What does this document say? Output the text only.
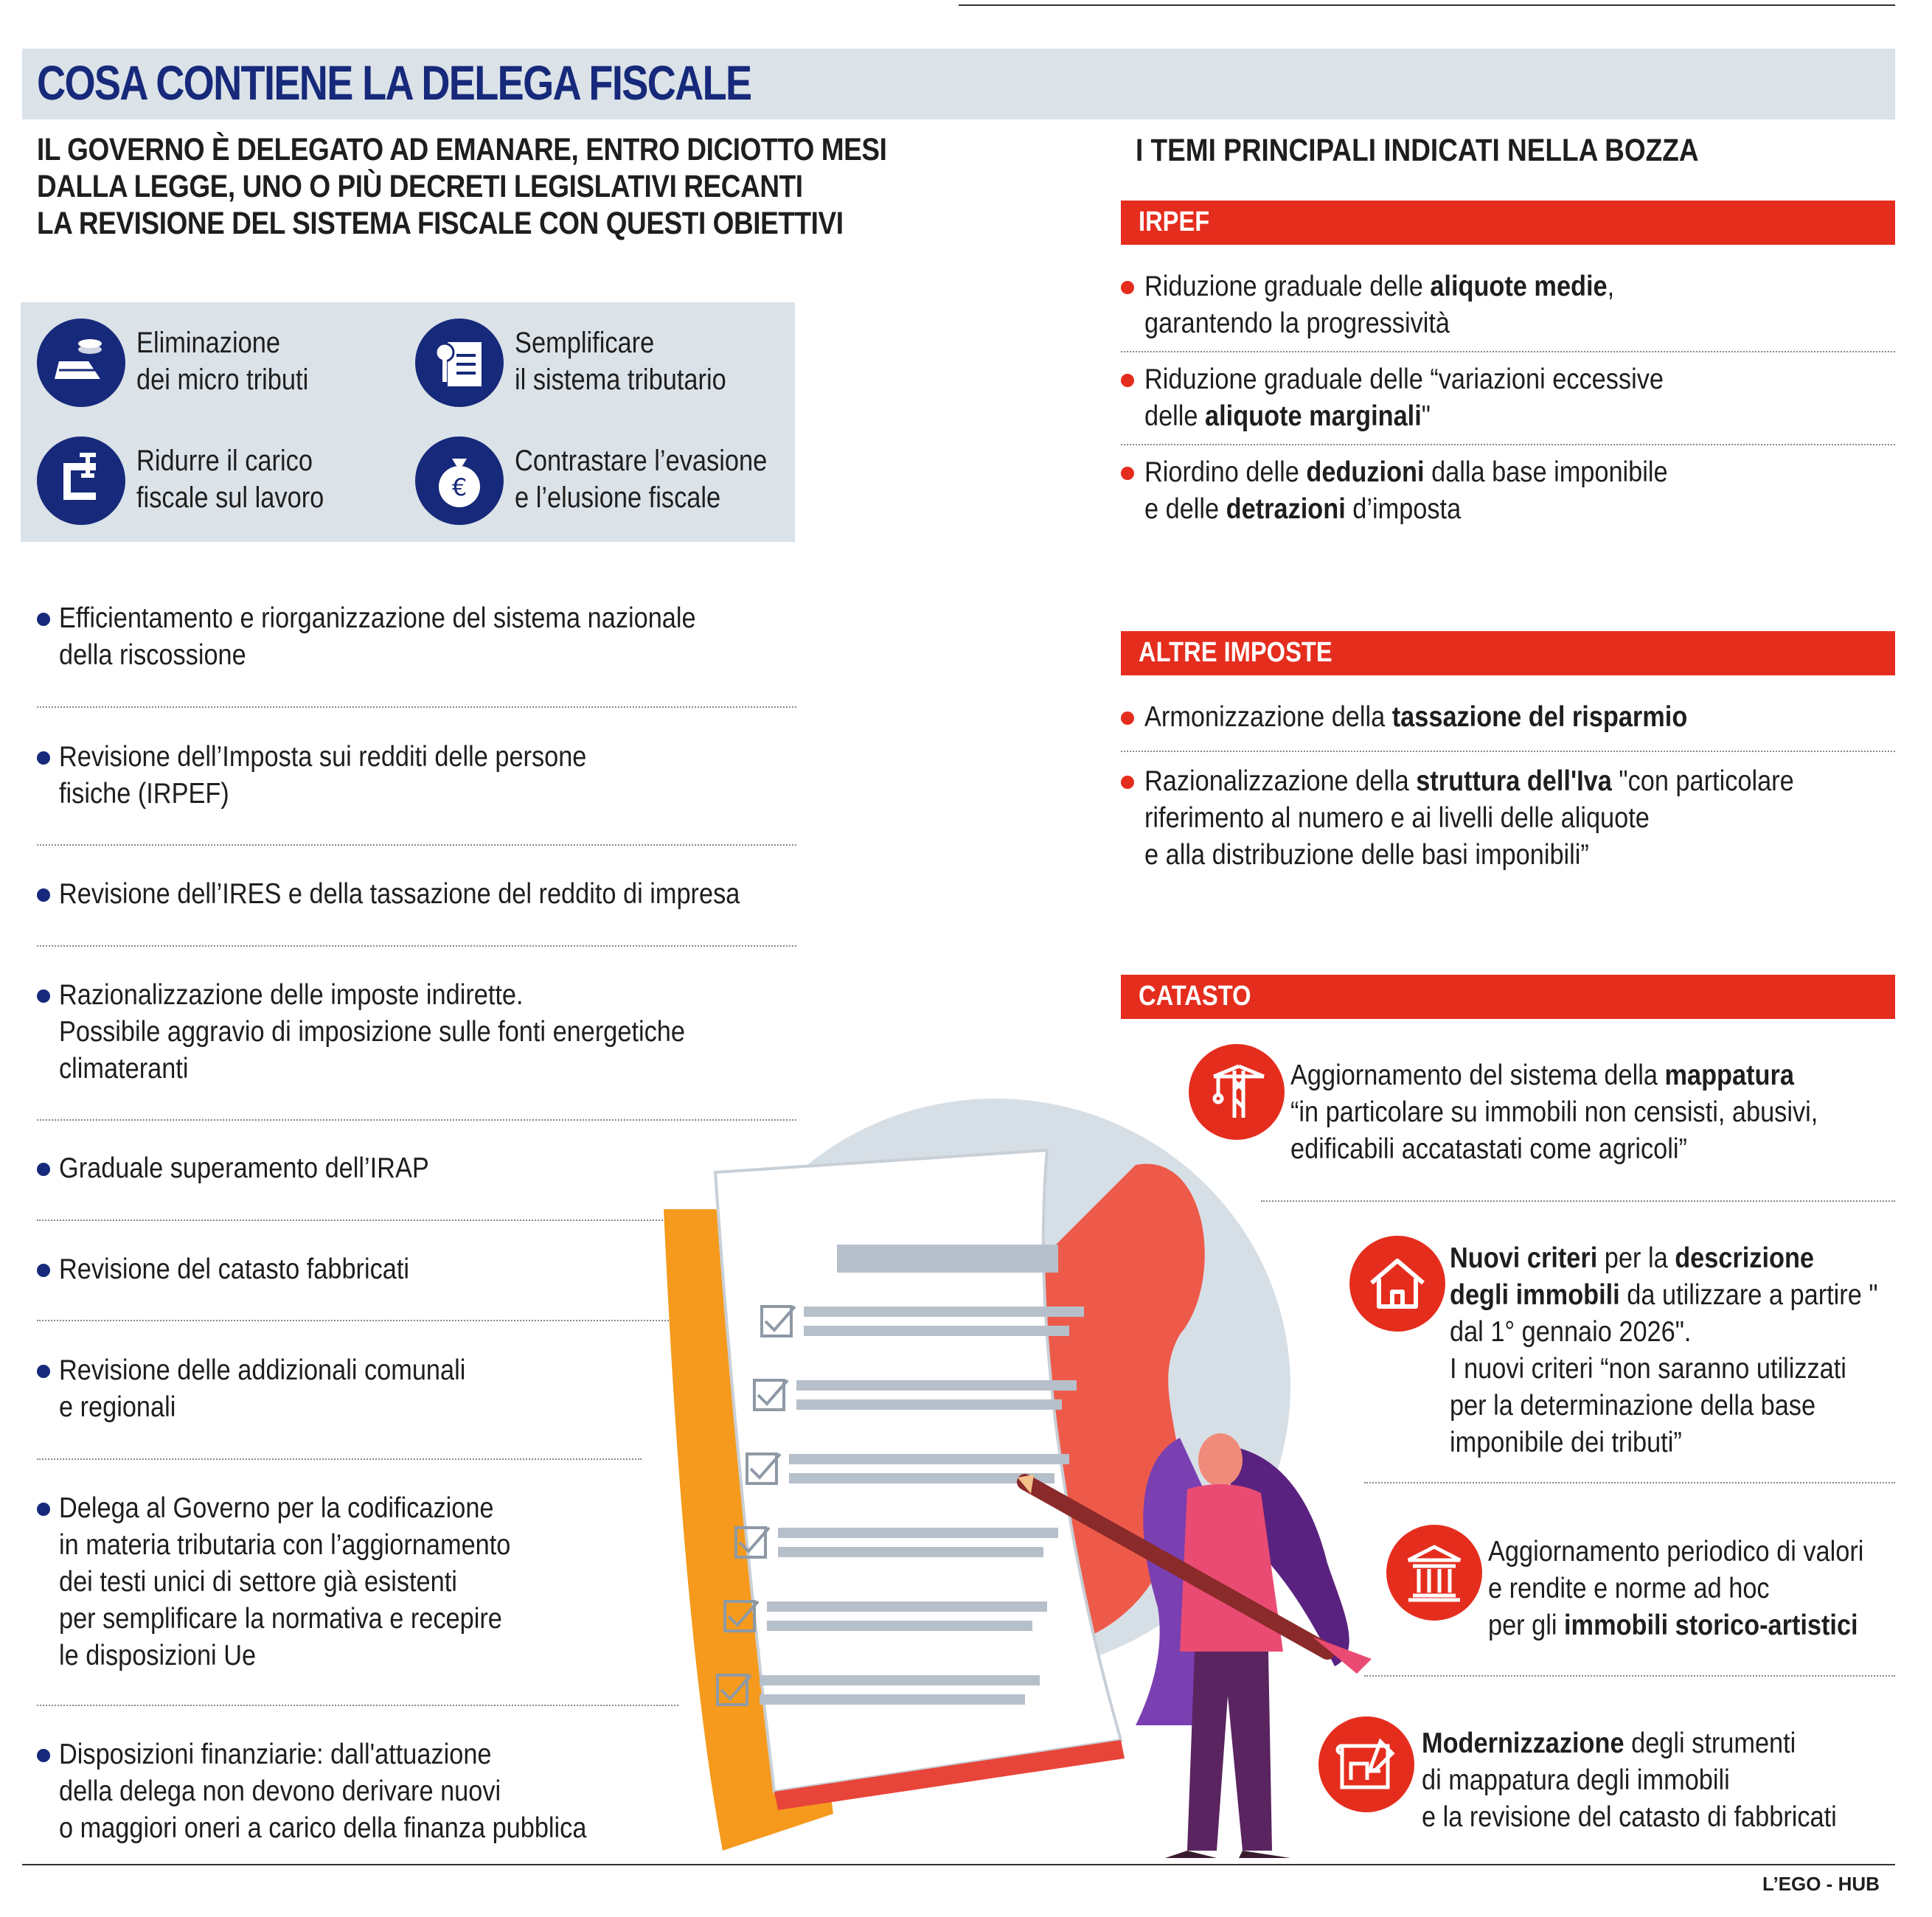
COSA CONTIENE LA DELEGA FISCALE
IL GOVERNO È DELEGATO AD EMANARE, ENTRO DICIOTTO MESI
DALLA LEGGE, UNO O PIÙ DECRETI LEGISLATIVI RECANTI
LA REVISIONE DEL SISTEMA FISCALE CON QUESTI OBIETTIVI
Eliminazione
dei micro tributi
Semplificare
il sistema tributario
Ridurre il carico
fiscale sul lavoro	€
Contrastare l’evasione
e l’elusione fiscale
Efficientamento e riorganizzazione del sistema nazionale
della riscossione
Revisione dell’Imposta sui redditi delle persone
fisiche (IRPEF)
Revisione dell’IRES e della tassazione del reddito di impresa
Razionalizzazione delle imposte indirette.
Possibile aggravio di imposizione sulle fonti energetiche
climateranti
Graduale superamento dell’IRAP
Revisione del catasto fabbricati
Revisione delle addizionali comunali
e regionali
Delega al Governo per la codificazione
in materia tributaria con l’aggiornamento
dei testi unici di settore già esistenti
per semplificare la normativa e recepire
le disposizioni Ue
Disposizioni finanziarie: dall'attuazione
della delega non devono derivare nuovi
o maggiori oneri a carico della finanza pubblica
I TEMI PRINCIPALI INDICATI NELLA BOZZA
IRPEF
Riduzione graduale delle aliquote medie,
garantendo la progressività
Riduzione graduale delle “variazioni eccessive
delle aliquote marginali"
Riordino delle deduzioni dalla base imponibile
e delle detrazioni d’imposta
ALTRE IMPOSTE
Armonizzazione della tassazione del risparmio
Razionalizzazione della struttura dell'Iva "con particolare
riferimento al numero e ai livelli delle aliquote
e alla distribuzione delle basi imponibili”
CATASTO
Aggiornamento del sistema della mappatura
“in particolare su immobili non censisti, abusivi,
edificabili accatastati come agricoli”
Nuovi criteri per la descrizione
degli immobili da utilizzare a partire "
dal 1° gennaio 2026".
I nuovi criteri “non saranno utilizzati
per la determinazione della base
imponibile dei tributi”
Aggiornamento periodico di valori
e rendite e norme ad hoc
per gli immobili storico-artistici
Modernizzazione degli strumenti
di mappatura degli immobili
e la revisione del catasto di fabbricati
L’EGO - HUB
